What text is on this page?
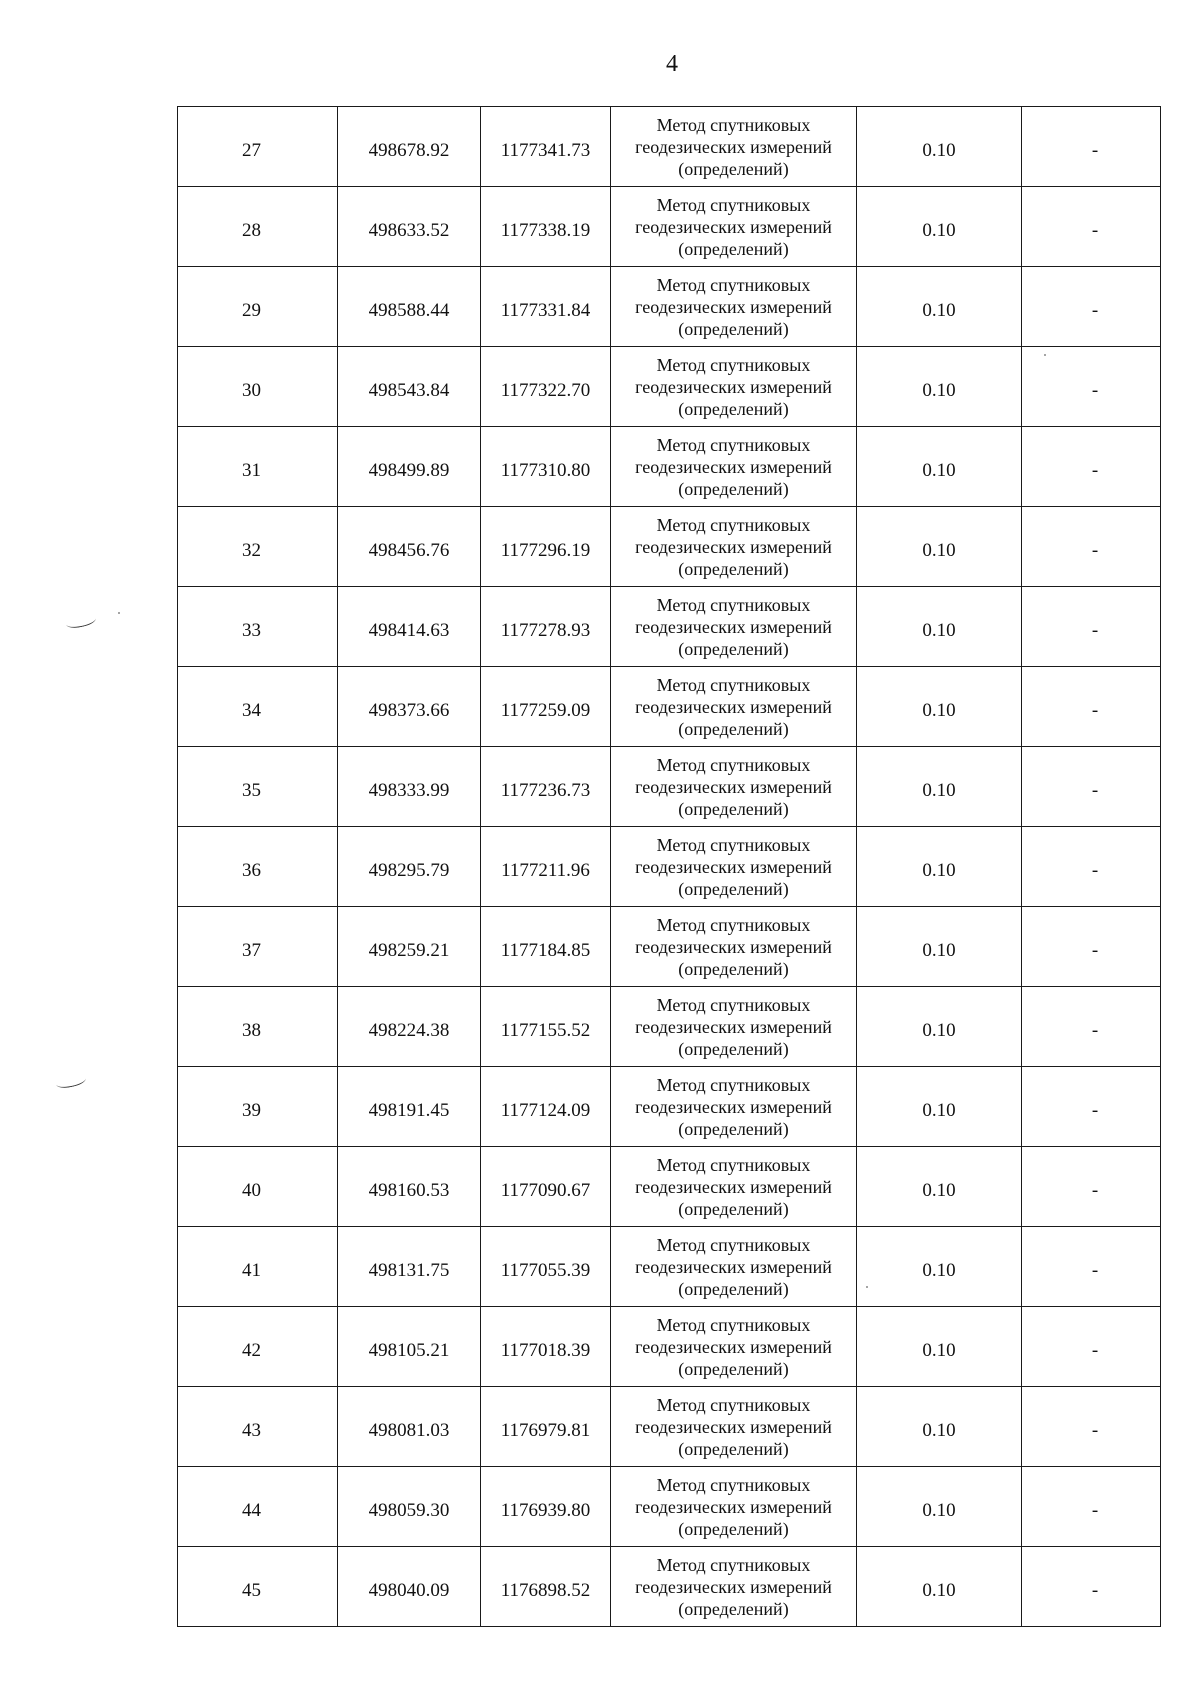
4
27	498678.92	1177341.73	Метод спутниковых
геодезических измерений
(определений)	0.10	-
28	498633.52	1177338.19	Метод спутниковых
геодезических измерений
(определений)	0.10	-
29	498588.44	1177331.84	Метод спутниковых
геодезических измерений
(определений)	0.10	-
30	498543.84	1177322.70	Метод спутниковых
геодезических измерений
(определений)	0.10	-
31	498499.89	1177310.80	Метод спутниковых
геодезических измерений
(определений)	0.10	-
32	498456.76	1177296.19	Метод спутниковых
геодезических измерений
(определений)	0.10	-
33	498414.63	1177278.93	Метод спутниковых
геодезических измерений
(определений)	0.10	-
34	498373.66	1177259.09	Метод спутниковых
геодезических измерений
(определений)	0.10	-
35	498333.99	1177236.73	Метод спутниковых
геодезических измерений
(определений)	0.10	-
36	498295.79	1177211.96	Метод спутниковых
геодезических измерений
(определений)	0.10	-
37	498259.21	1177184.85	Метод спутниковых
геодезических измерений
(определений)	0.10	-
38	498224.38	1177155.52	Метод спутниковых
геодезических измерений
(определений)	0.10	-
39	498191.45	1177124.09	Метод спутниковых
геодезических измерений
(определений)	0.10	-
40	498160.53	1177090.67	Метод спутниковых
геодезических измерений
(определений)	0.10	-
41	498131.75	1177055.39	Метод спутниковых
геодезических измерений
(определений)	0.10	-
42	498105.21	1177018.39	Метод спутниковых
геодезических измерений
(определений)	0.10	-
43	498081.03	1176979.81	Метод спутниковых
геодезических измерений
(определений)	0.10	-
44	498059.30	1176939.80	Метод спутниковых
геодезических измерений
(определений)	0.10	-
45	498040.09	1176898.52	Метод спутниковых
геодезических измерений
(определений)	0.10	-
